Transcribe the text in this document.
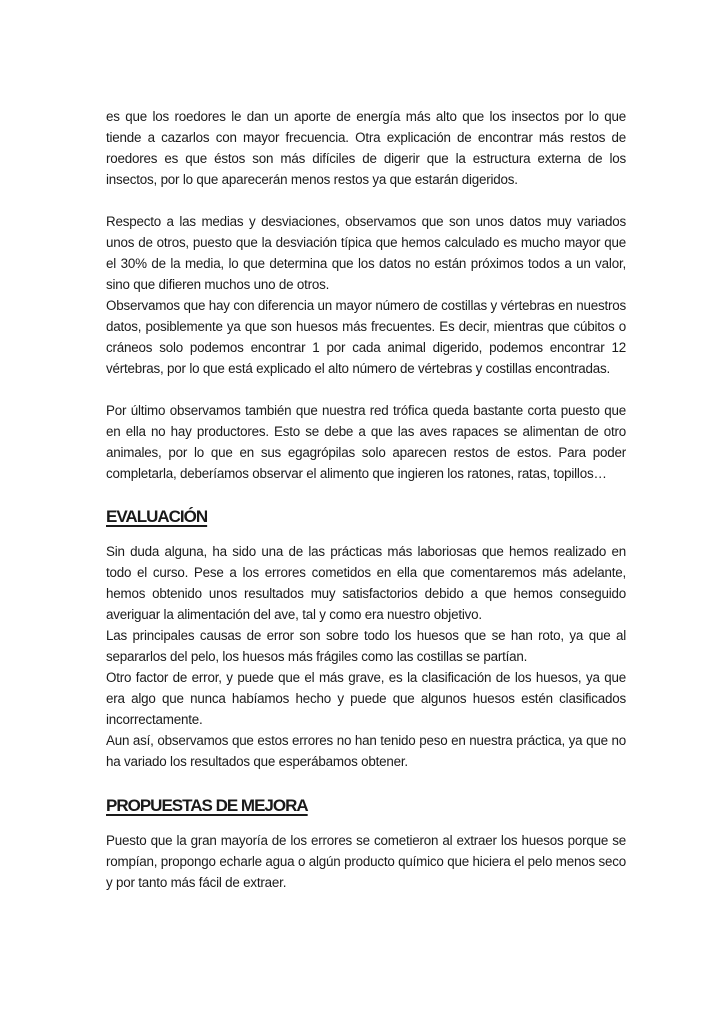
es que los roedores le dan un aporte de energía más alto que los insectos por lo que tiende a cazarlos con mayor frecuencia. Otra explicación de encontrar más restos de roedores es que éstos son más difíciles de digerir que la estructura externa de los insectos, por lo que aparecerán menos restos ya que estarán digeridos.

Respecto a las medias y desviaciones, observamos que son unos datos muy variados unos de otros, puesto que la desviación típica que hemos calculado es mucho mayor que el 30% de la media, lo que determina que los datos no están próximos todos a un valor, sino que difieren muchos uno de otros.

Observamos que hay con diferencia un mayor número de costillas y vértebras en nuestros datos, posiblemente ya que son huesos más frecuentes. Es decir, mientras que cúbitos o cráneos solo podemos encontrar 1 por cada animal digerido, podemos encontrar 12 vértebras, por lo que está explicado el alto número de vértebras y costillas encontradas.

Por último observamos también que nuestra red trófica queda bastante corta puesto que en ella no hay productores. Esto se debe a que las aves rapaces se alimentan de otro animales, por lo que en sus egagrópilas solo aparecen restos de estos. Para poder completarla, deberíamos observar el alimento que ingieren los ratones, ratas, topillos…

EVALUACIÓN

Sin duda alguna, ha sido una de las prácticas más laboriosas que hemos realizado en todo el curso. Pese a los errores cometidos en ella que comentaremos más adelante, hemos obtenido unos resultados muy satisfactorios debido a que hemos conseguido averiguar la alimentación del ave, tal y como era nuestro objetivo.

Las principales causas de error son sobre todo los huesos que se han roto, ya que al separarlos del pelo, los huesos más frágiles como las costillas se partían.

Otro factor de error, y puede que el más grave, es la clasificación de los huesos, ya que era algo que nunca habíamos hecho y puede que algunos huesos estén clasificados incorrectamente.

Aun así, observamos que estos errores no han tenido peso en nuestra práctica, ya que no ha variado los resultados que esperábamos obtener.

PROPUESTAS DE MEJORA

Puesto que la gran mayoría de los errores se cometieron al extraer los huesos porque se rompían, propongo echarle agua o algún producto químico que hiciera el pelo menos seco y por tanto más fácil de extraer.
